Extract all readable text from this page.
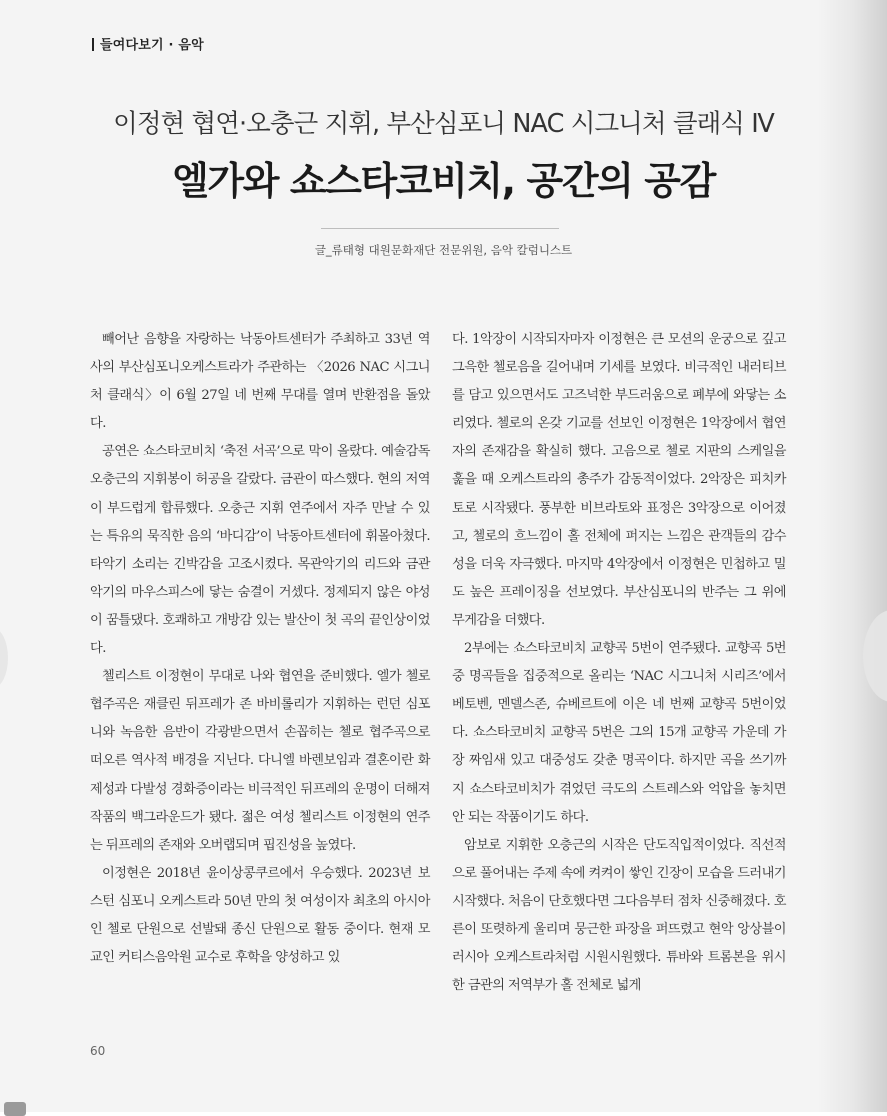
들여다보기 · 음악
이정현 협연·오충근 지휘, 부산심포니 NAC 시그니처 클래식 Ⅳ
엘가와 쇼스타코비치, 공간의 공감
글_류태형 대원문화재단 전문위원, 음악 칼럼니스트

빼어난 음향을 자랑하는 낙동아트센터가 주최하고 33년 역사의 부산심포니오케스트라가 주관하는 〈2026 NAC 시그니처 클래식〉이 6월 27일 네 번째 무대를 열며 반환점을 돌았다.

공연은 쇼스타코비치 ‘축전 서곡’으로 막이 올랐다. 예술감독 오충근의 지휘봉이 허공을 갈랐다. 금관이 따스했다. 현의 저역이 부드럽게 합류했다. 오충근 지휘 연주에서 자주 만날 수 있는 특유의 묵직한 음의 ‘바디감’이 낙동아트센터에 휘몰아쳤다. 타악기 소리는 긴박감을 고조시켰다. 목관악기의 리드와 금관악기의 마우스피스에 닿는 숨결이 거셌다. 정제되지 않은 야성이 꿈틀댔다. 호쾌하고 개방감 있는 발산이 첫 곡의 끝인상이었다.

첼리스트 이정현이 무대로 나와 협연을 준비했다. 엘가 첼로 협주곡은 재클린 뒤프레가 존 바비롤리가 지휘하는 런던 심포니와 녹음한 음반이 각광받으면서 손꼽히는 첼로 협주곡으로 떠오른 역사적 배경을 지닌다. 다니엘 바렌보임과 결혼이란 화제성과 다발성 경화증이라는 비극적인 뒤프레의 운명이 더해져 작품의 백그라운드가 됐다. 젊은 여성 첼리스트 이정현의 연주는 뒤프레의 존재와 오버랩되며 핍진성을 높였다.

이정현은 2018년 윤이상콩쿠르에서 우승했다. 2023년 보스턴 심포니 오케스트라 50년 만의 첫 여성이자 최초의 아시아인 첼로 단원으로 선발돼 종신 단원으로 활동 중이다. 현재 모교인 커티스음악원 교수로 후학을 양성하고 있

다. 1악장이 시작되자마자 이정현은 큰 모션의 운궁으로 깊고 그윽한 첼로음을 길어내며 기세를 보였다. 비극적인 내러티브를 담고 있으면서도 고즈넉한 부드러움으로 폐부에 와닿는 소리였다. 첼로의 온갖 기교를 선보인 이정현은 1악장에서 협연자의 존재감을 확실히 했다. 고음으로 첼로 지판의 스케일을 훑을 때 오케스트라의 총주가 감동적이었다. 2악장은 피치카토로 시작됐다. 풍부한 비브라토와 표정은 3악장으로 이어졌고, 첼로의 흐느낌이 홀 전체에 퍼지는 느낌은 관객들의 감수성을 더욱 자극했다. 마지막 4악장에서 이정현은 민첩하고 밀도 높은 프레이징을 선보였다. 부산심포니의 반주는 그 위에 무게감을 더했다.

2부에는 쇼스타코비치 교향곡 5번이 연주됐다. 교향곡 5번 중 명곡들을 집중적으로 올리는 ‘NAC 시그니처 시리즈’에서 베토벤, 멘델스존, 슈베르트에 이은 네 번째 교향곡 5번이었다. 쇼스타코비치 교향곡 5번은 그의 15개 교향곡 가운데 가장 짜임새 있고 대중성도 갖춘 명곡이다. 하지만 곡을 쓰기까지 쇼스타코비치가 겪었던 극도의 스트레스와 억압을 놓치면 안 되는 작품이기도 하다.

암보로 지휘한 오충근의 시작은 단도직입적이었다. 직선적으로 풀어내는 주제 속에 켜켜이 쌓인 긴장이 모습을 드러내기 시작했다. 처음이 단호했다면 그다음부터 점차 신중해졌다. 호른이 또렷하게 울리며 뭉근한 파장을 퍼뜨렸고 현악 앙상블이 러시아 오케스트라처럼 시원시원했다. 튜바와 트롬본을 위시한 금관의 저역부가 홀 전체로 넓게

60
